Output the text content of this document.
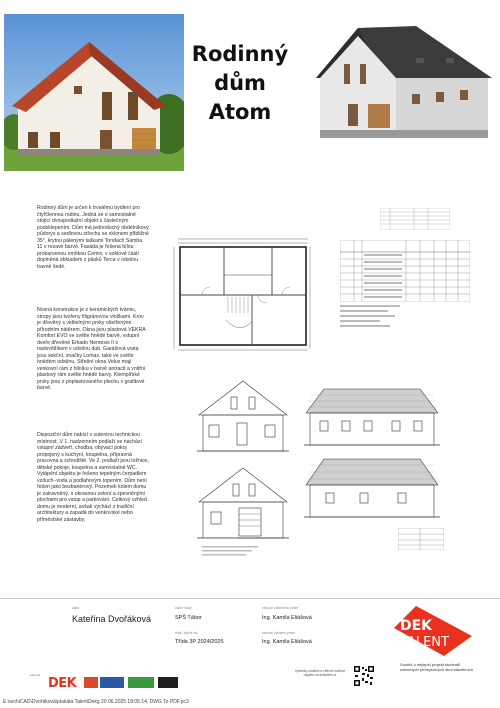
Rodinný
dům
Atom

Rodinný dům je určen k trvalému bydlení pro čtyřčlennou rodinu. Jedná se o samostatně stojící dvoupodlažní objekt s částečným podsklepením. Dům má jednoduchý obdélníkový půdorys a sedlovou střechu se sklonem přibližně 35°, krytou pálenými taškami Tondach Samba 11 v rezavé barvě. Fasáda je řešena bílou probarvenou omítkou Cemix, v soklové části doplněná obkladem z pásků Terca v odstínu travně šedé.

Nosná konstrukce je z keramických tvárnic, stropy jsou tvořeny filigránovou vložkami. Krov je dřevěný s viditelnými prvky ošetřenými přírodním nátěrem. Okna jsou plastová VEKRA Komfort EVO ve světle hnědé barvě, vstupní dveře dřevěné Erkado Nemesis II s nadsvětlíkem v odstínu dub. Garážová vrata jsou sekční, značky Lomax, také ve světle hnědém odstínu. Střešní okna Velux mají venkovní rám z hliníku v barvě antracit a vnitřní plastový rám světle hnědé barvy. Klempířské prvky jsou z poplastovaného plechu v grafitové barvě.

Dispoziční dům nabízí v suterénu technickou místnost. V 1. nadzemním podlaží se nachází vstupní zádveří, chodba, obývací pokoj propojený s kuchyní, koupelna, přípravná pracovna a schodiště. Ve 2. podlaží jsou ložnice, dětské pokoje, koupelna a samostatné WC. Vytápění objektu je řešeno tepelným čerpadlem vzduch–voda a podlahovým topením. Dům není řešen jako bezbariérový. Pozemek kolem domu je zatravněný, s okrasnou zelení a zpevněnými plochami pro vstup a parkování. Celkový vzhled domu je moderní, avšak vychází z tradiční architektury a zapadá do venkovské nebo příměstské zástavby.

autor
Kateřina Dvořáková
název školy
SPŠ Tábor
třída / školní rok
Třída 3P 2024/2025
vedoucí odborného práce
Ing. Kamila Eliášová
vedoucí výtvarné práce
Ing. Kamila Eliášová
DEK
TALENT
Soutěž o nejlepší projekt studentů odborných průmyslových škol stavebních
Výsledky soutěže a vítězné kolekce najdete na dektalent.cz
partneři
DEK
E:\archiCAD\Dvořáková\plakáta TalentDekg 20.06.2025 18:05:14, DWG To PDF.pc3
